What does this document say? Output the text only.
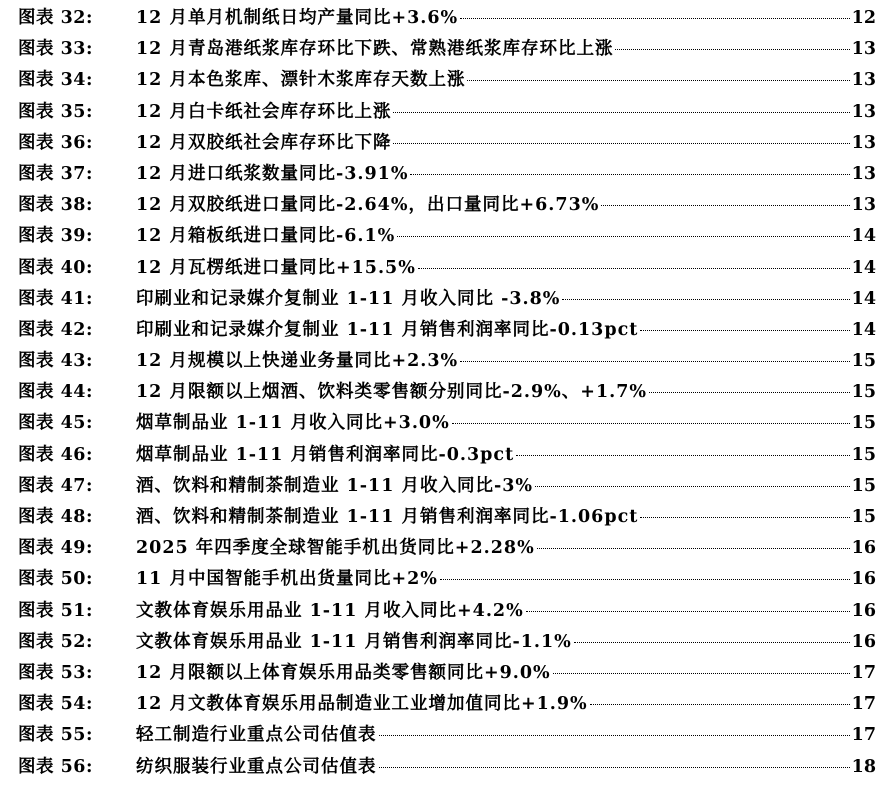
图表 32:	12 月单月机制纸日均产量同比+3.6%	12
图表 33:	12 月青岛港纸浆库存环比下跌、常熟港纸浆库存环比上涨	13
图表 34:	12 月本色浆库、漂针木浆库存天数上涨	13
图表 35:	12 月白卡纸社会库存环比上涨	13
图表 36:	12 月双胶纸社会库存环比下降	13
图表 37:	12 月进口纸浆数量同比-3.91%	13
图表 38:	12 月双胶纸进口量同比-2.64%，出口量同比+6.73%	13
图表 39:	12 月箱板纸进口量同比-6.1%	14
图表 40:	12 月瓦楞纸进口量同比+15.5%	14
图表 41:	印刷业和记录媒介复制业 1-11 月收入同比 -3.8%	14
图表 42:	印刷业和记录媒介复制业 1-11 月销售利润率同比-0.13pct	14
图表 43:	12 月规模以上快递业务量同比+2.3%	15
图表 44:	12 月限额以上烟酒、饮料类零售额分别同比-2.9%、+1.7%	15
图表 45:	烟草制品业 1-11 月收入同比+3.0%	15
图表 46:	烟草制品业 1-11 月销售利润率同比-0.3pct	15
图表 47:	酒、饮料和精制茶制造业 1-11 月收入同比-3%	15
图表 48:	酒、饮料和精制茶制造业 1-11 月销售利润率同比-1.06pct	15
图表 49:	2025 年四季度全球智能手机出货同比+2.28%	16
图表 50:	11 月中国智能手机出货量同比+2%	16
图表 51:	文教体育娱乐用品业 1-11 月收入同比+4.2%	16
图表 52:	文教体育娱乐用品业 1-11 月销售利润率同比-1.1%	16
图表 53:	12 月限额以上体育娱乐用品类零售额同比+9.0%	17
图表 54:	12 月文教体育娱乐用品制造业工业增加值同比+1.9%	17
图表 55:	轻工制造行业重点公司估值表	17
图表 56:	纺织服装行业重点公司估值表	18
